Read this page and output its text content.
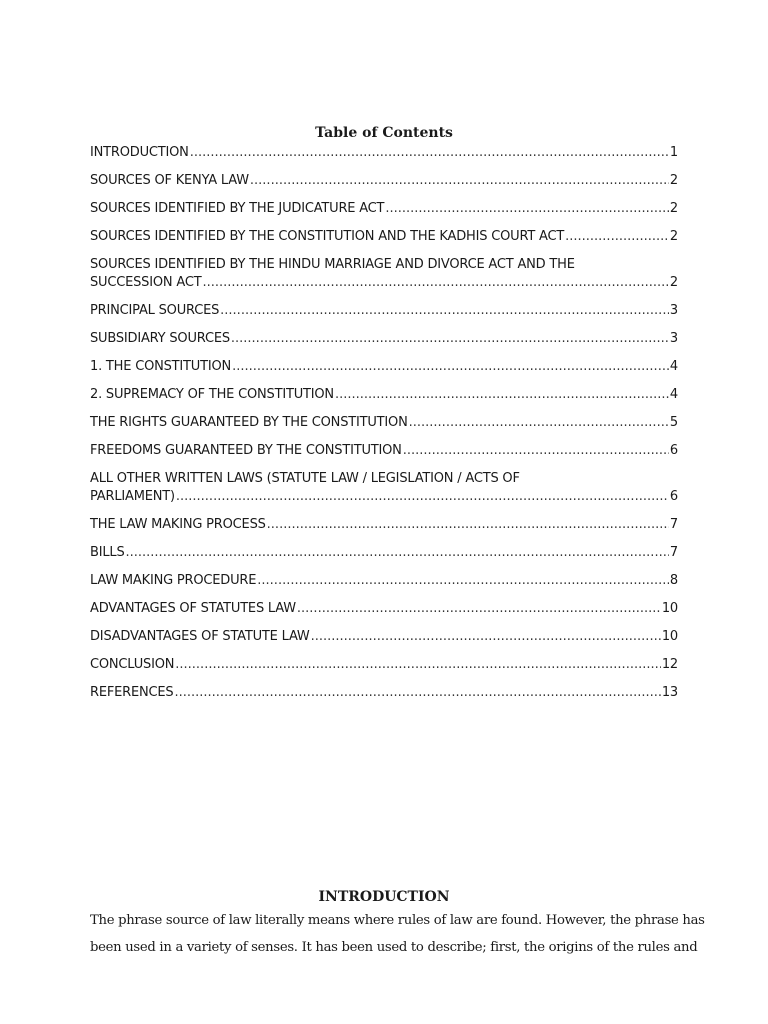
Table of Contents
INTRODUCTION .....	1
SOURCES OF KENYA LAW .....	2
SOURCES IDENTIFIED BY THE JUDICATURE ACT .....	2
SOURCES IDENTIFIED BY THE CONSTITUTION AND THE KADHIS COURT ACT .....	2
SOURCES IDENTIFIED BY THE HINDU MARRIAGE AND DIVORCE ACT AND THE
SUCCESSION ACT .....	2
PRINCIPAL SOURCES .....	3
SUBSIDIARY SOURCES .....	3
1. THE CONSTITUTION .....	4
2. SUPREMACY OF THE CONSTITUTION .....	4
THE RIGHTS GUARANTEED BY THE CONSTITUTION .....	5
FREEDOMS GUARANTEED BY THE CONSTITUTION .....	6
ALL OTHER WRITTEN LAWS (STATUTE LAW / LEGISLATION / ACTS OF
PARLIAMENT) .....	6
THE LAW MAKING PROCESS .....	7
BILLS .....	7
LAW MAKING PROCEDURE .....	8
ADVANTAGES OF STATUTES LAW .....	10
DISADVANTAGES OF STATUTE LAW .....	10
CONCLUSION .....	12
REFERENCES .....	13
INTRODUCTION
The phrase source of law literally means where rules of law are found. However, the phrase has
been used in a variety of senses. It has been used to describe; first, the origins of the rules and
